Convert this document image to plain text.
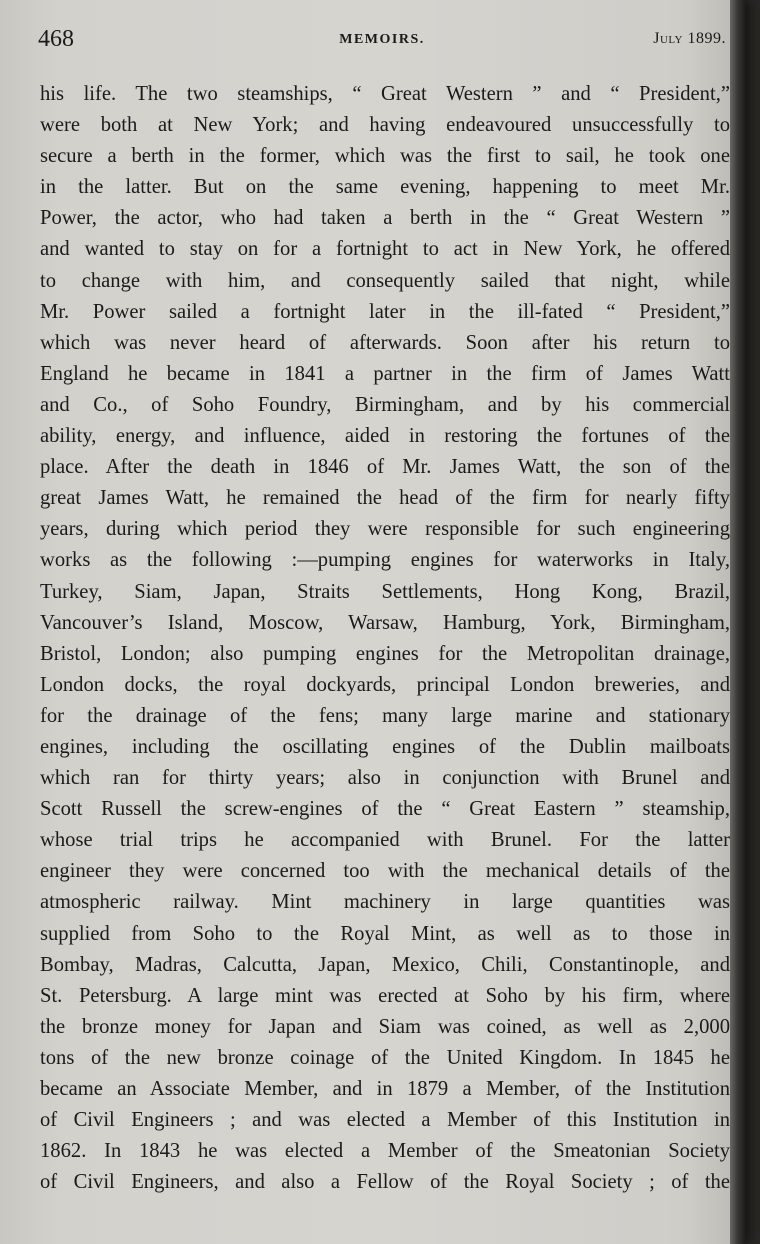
468	MEMOIRS.	July 1899.
his life. The two steamships, “ Great Western ” and “ President,”
were both at New York; and having endeavoured unsuccessfully to
secure a berth in the former, which was the first to sail, he took one
in the latter. But on the same evening, happening to meet Mr.
Power, the actor, who had taken a berth in the “ Great Western ”
and wanted to stay on for a fortnight to act in New York, he offered
to change with him, and consequently sailed that night, while
Mr. Power sailed a fortnight later in the ill-fated “ President,”
which was never heard of afterwards. Soon after his return to
England he became in 1841 a partner in the firm of James Watt
and Co., of Soho Foundry, Birmingham, and by his commercial
ability, energy, and influence, aided in restoring the fortunes of the
place. After the death in 1846 of Mr. James Watt, the son of the
great James Watt, he remained the head of the firm for nearly fifty
years, during which period they were responsible for such engineering
works as the following :—pumping engines for waterworks in Italy,
Turkey, Siam, Japan, Straits Settlements, Hong Kong, Brazil,
Vancouver’s Island, Moscow, Warsaw, Hamburg, York, Birmingham,
Bristol, London; also pumping engines for the Metropolitan drainage,
London docks, the royal dockyards, principal London breweries, and
for the drainage of the fens; many large marine and stationary
engines, including the oscillating engines of the Dublin mailboats
which ran for thirty years; also in conjunction with Brunel and
Scott Russell the screw-engines of the “ Great Eastern ” steamship,
whose trial trips he accompanied with Brunel. For the latter
engineer they were concerned too with the mechanical details of the
atmospheric railway. Mint machinery in large quantities was
supplied from Soho to the Royal Mint, as well as to those in
Bombay, Madras, Calcutta, Japan, Mexico, Chili, Constantinople, and
St. Petersburg. A large mint was erected at Soho by his firm, where
the bronze money for Japan and Siam was coined, as well as 2,000
tons of the new bronze coinage of the United Kingdom. In 1845 he
became an Associate Member, and in 1879 a Member, of the Institution
of Civil Engineers ; and was elected a Member of this Institution in
1862. In 1843 he was elected a Member of the Smeatonian Society
of Civil Engineers, and also a Fellow of the Royal Society ; of the
